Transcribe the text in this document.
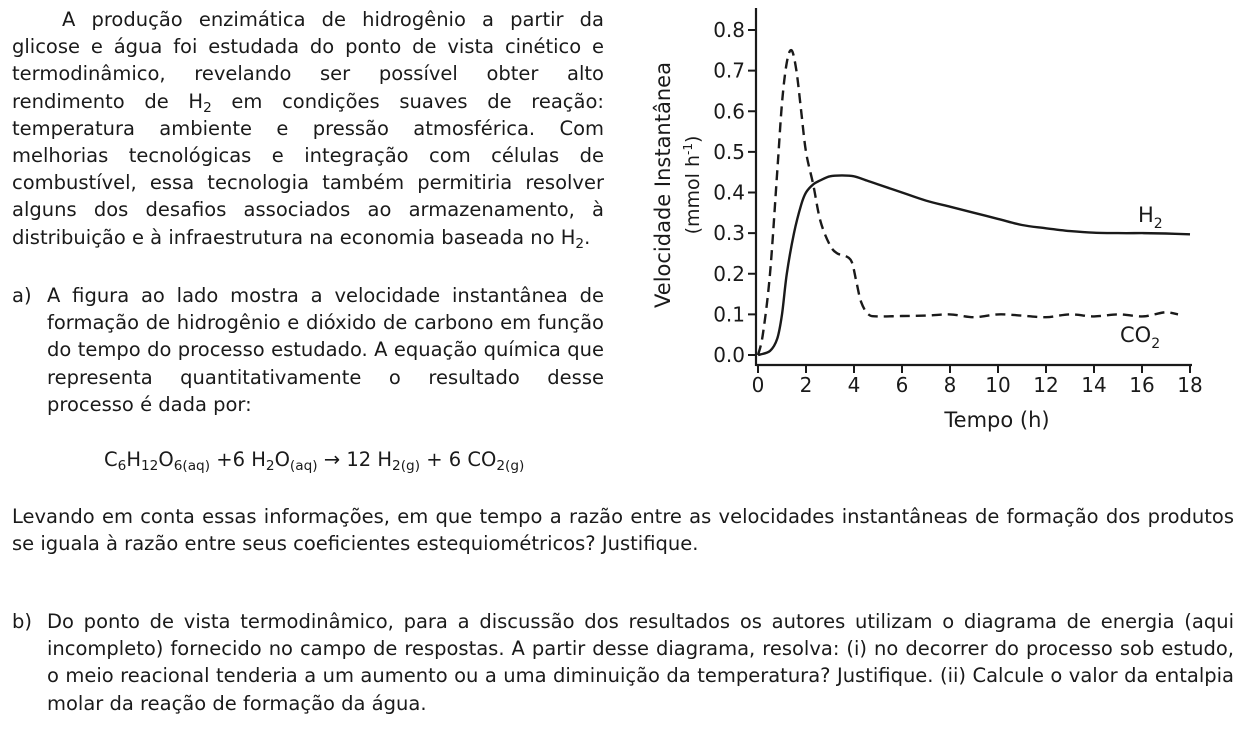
A produção enzimática de hidrogênio a partir da glicose e água foi estudada do ponto de vista cinético e termodinâmico, revelando ser possível obter alto rendimento de $H_2$ em condições suaves de reação: temperatura ambiente e pressão atmosférica. Com melhorias tecnológicas e integração com células de combustível, essa tecnologia também permitiria resolver alguns dos desafios associados ao armazenamento, à distribuição e à infraestrutura na economia baseada no $H_2$.
a) A figura ao lado mostra a velocidade instantânea de formação de hidrogênio e dióxido de carbono em função do tempo do processo estudado. A equação química que representa quantitativamente o resultado desse processo é dada por:
$C_6H_{12}O_{6(aq)} +6$ $H_2O_{(aq)} \to 12$ $H_{2(g)} + 6$ $CO_{2(g)}$
Levando em conta essas informações, em que tempo a razão entre as velocidades instantâneas de formação dos produtos se iguala à razão entre seus coeficientes estequiométricos? Justifique.
b) Do ponto de vista termodinâmico, para a discussão dos resultados os autores utilizam o diagrama de energia (aqui incompleto) fornecido no campo de respostas. A partir desse diagrama, resolva: (i) no decorrer do processo sob estudo, o meio reacional tenderia a um aumento ou a uma diminuição da temperatura? Justifique. (ii) Calcule o valor da entalpia molar da reação de formação da água.
Velocidade Instantânea (mmol $h^{-1}$)
0.0
0.1
0.2
0.3
0.4
0.5
0.6
0.7
0.8
0 2 4 6 8 10 12 14 16 18
Tempo (h)
$H_2$
$CO_2$
